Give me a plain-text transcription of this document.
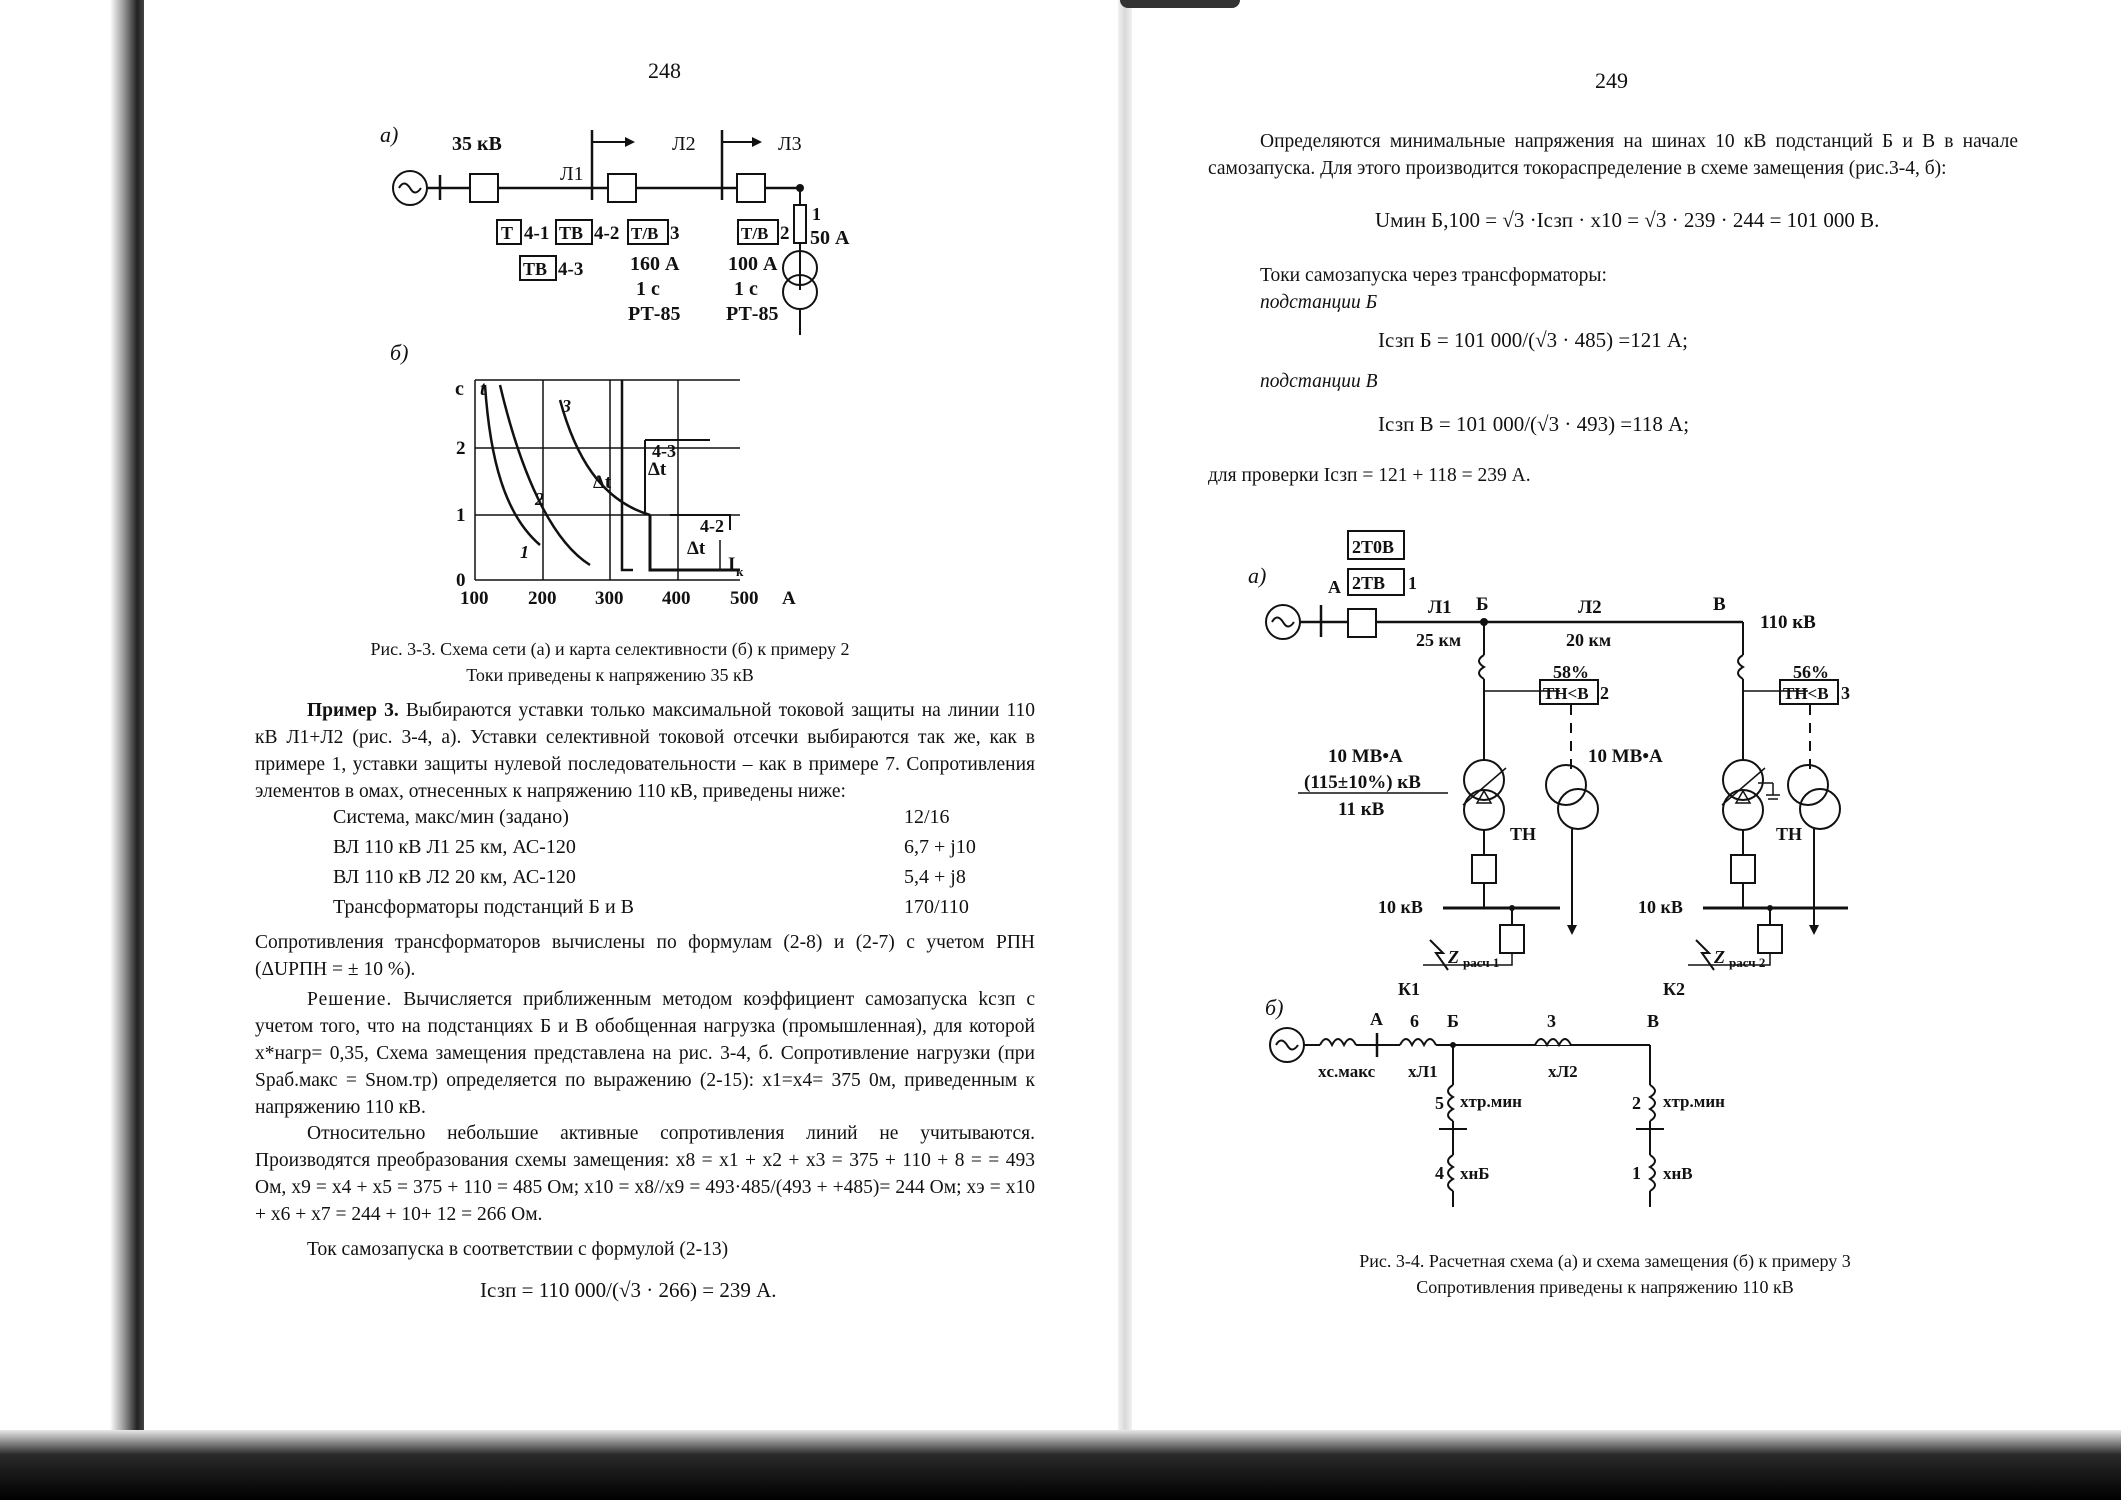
248
а)	35 кВ
Л1
Л2	Л3
1
50 А
Т 4-1 ТВ 4-2 Т/В 3	Т/В 2
ТВ 4-3 160 А
1 с
РТ-85
100 А
1 с
РТ-85
б)
с t
0
1
2
100 200 300 400 500 А
1
2
3
4-3
4-2
Δt
Δt
Δt
I к
Рис. 3-3. Схема сети (а) и карта селективности (б) к примеру 2
Токи приведены к напряжению 35 кВ

Пример 3. Выбираются уставки только максимальной токовой защиты на линии 110 кВ Л1+Л2 (рис. 3-4, а). Уставки селективной токовой отсечки выбираются так же, как в примере 1, уставки защиты нулевой последовательности – как в примере 7. Сопротивления элементов в омах, отнесенных к напряжению 110 кВ, приведены ниже:

Система, макс/мин (задано)	12/16
ВЛ 110 кВ Л1 25 км, АС-120	6,7 + j10
ВЛ 110 кВ Л2 20 км, АС-120	5,4 + j8
Трансформаторы подстанций Б и В	170/110

Сопротивления трансформаторов вычислены по формулам (2-8) и (2-7) с учетом РПН (ΔUРПН = ± 10 %).

Решение. Вычисляется приближенным методом коэффициент самозапуска kсзп с учетом того, что на подстанциях Б и В обобщенная нагрузка (промышленная), для которой x*нагр= 0,35, Схема замещения представлена на рис. 3-4, б. Сопротивление нагрузки (при Sраб.макс = Sном.тр) определяется по выражению (2-15): x1=x4= 375 0м, приведенным к напряжению 110 кВ.

Относительно небольшие активные сопротивления линий не учитываются. Производятся преобразования схемы замещения: x8 = x1 + x2 + x3 = 375 + 110 + 8 = = 493 Ом, x9 = x4 + x5 = 375 + 110 = 485 Ом; x10 = x8//x9 = 493·485/(493 + +485)= 244 Ом; xэ = x10 + x6 + x7 = 244 + 10+ 12 = 266 Ом.

Ток самозапуска в соответствии с формулой (2-13)

Iсзп = 110 000/(√3 · 266) = 239 А.
249

Определяются минимальные напряжения на шинах 10 кВ подстанций Б и В в начале самозапуска. Для этого производится токораспределение в схеме замещения (рис.3-4, б):

Uмин Б,100 = √3 ·Iсзп · x10 = √3 · 239 · 244 = 101 000 В.

Токи самозапуска через трансформаторы:

подстанции Б

Iсзп Б = 101 000/(√3 · 485) =121 А;

подстанции В

Iсзп В = 101 000/(√3 · 493) =118 А;

для проверки Iсзп = 121 + 118 = 239 А.

а)
2T0B
2ТВ 1
А
Л1
25 км
Б	Л2
20 км
В
110 кВ
58%
ТН<В 2
ТН
10 МВ•А
(115±10%) кВ
11 кВ
10 кВ
Z расч 1
К1
56%
ТН<В 3
ТН
10 МВ•А
10 кВ
Z расч 2
К2
б)	А 6 Б	3	В
xс.макс xЛ1	xЛ2
5 xтр.мин
4 xнБ
2 xтр.мин
1 xнВ
Рис. 3-4. Расчетная схема (а) и схема замещения (б) к примеру 3
Сопротивления приведены к напряжению 110 кВ
